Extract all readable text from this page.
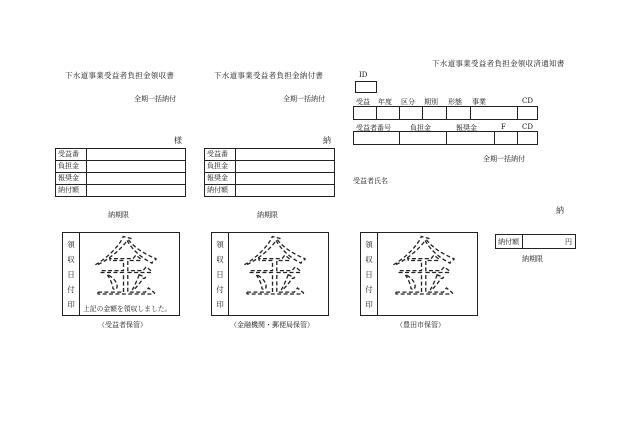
下水道事業受益者負担金領収書
全期一括納付
様
受益番	
負担金	
報奨金	
納付額	
納期限
領
収
日
付
印 金
上記の金額を領収しました。
（受益者保管）
下水道事業受益者負担金納付書
全期一括納付
納
受益番	
負担金	
報奨金	
納付額	
納期限
領
収
日
付
印 金
（金融機関・郵便局保管）
下水道事業受益者負担金領収済通知書
ID
受益 年度 区分 期別 形態 事業	CD
受益者番号	負担金	報奨金	F CD
全期一括納付
受益者氏名
納
領
収
日
付
印 金
（豊田市保管）
納付額	円
納期限
